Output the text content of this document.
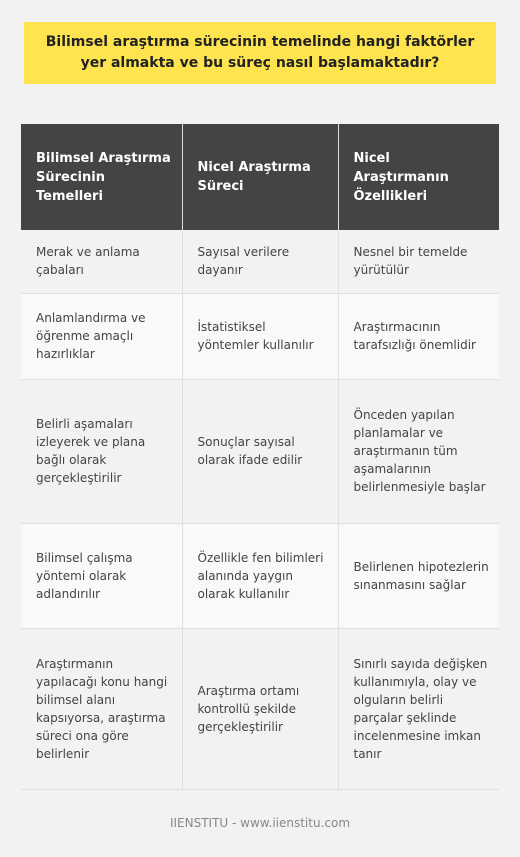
Bilimsel araştırma sürecinin temelinde hangi faktörler yer almakta ve bu süreç nasıl başlamaktadır?
Bilimsel Araştırma Sürecinin Temelleri	Nicel Araştırma Süreci	Nicel Araştırmanın Özellikleri
Merak ve anlama çabaları	Sayısal verilere dayanır	Nesnel bir temelde yürütülür
Anlamlandırma ve öğrenme amaçlı hazırlıklar	İstatistiksel yöntemler kullanılır	Araştırmacının tarafsızlığı önemlidir
Belirli aşamaları izleyerek ve plana bağlı olarak gerçekleştirilir	Sonuçlar sayısal olarak ifade edilir	Önceden yapılan planlamalar ve araştırmanın tüm aşamalarının belirlenmesiyle başlar
Bilimsel çalışma yöntemi olarak adlandırılır	Özellikle fen bilimleri alanında yaygın olarak kullanılır	Belirlenen hipotezlerin sınanmasını sağlar
Araştırmanın yapılacağı konu hangi bilimsel alanı kapsıyorsa, araştırma süreci ona göre belirlenir	Araştırma ortamı kontrollü şekilde gerçekleştirilir	Sınırlı sayıda değişken kullanımıyla, olay ve olguların belirli parçalar şeklinde incelenmesine imkan tanır
IIENSTITU - www.iienstitu.com
